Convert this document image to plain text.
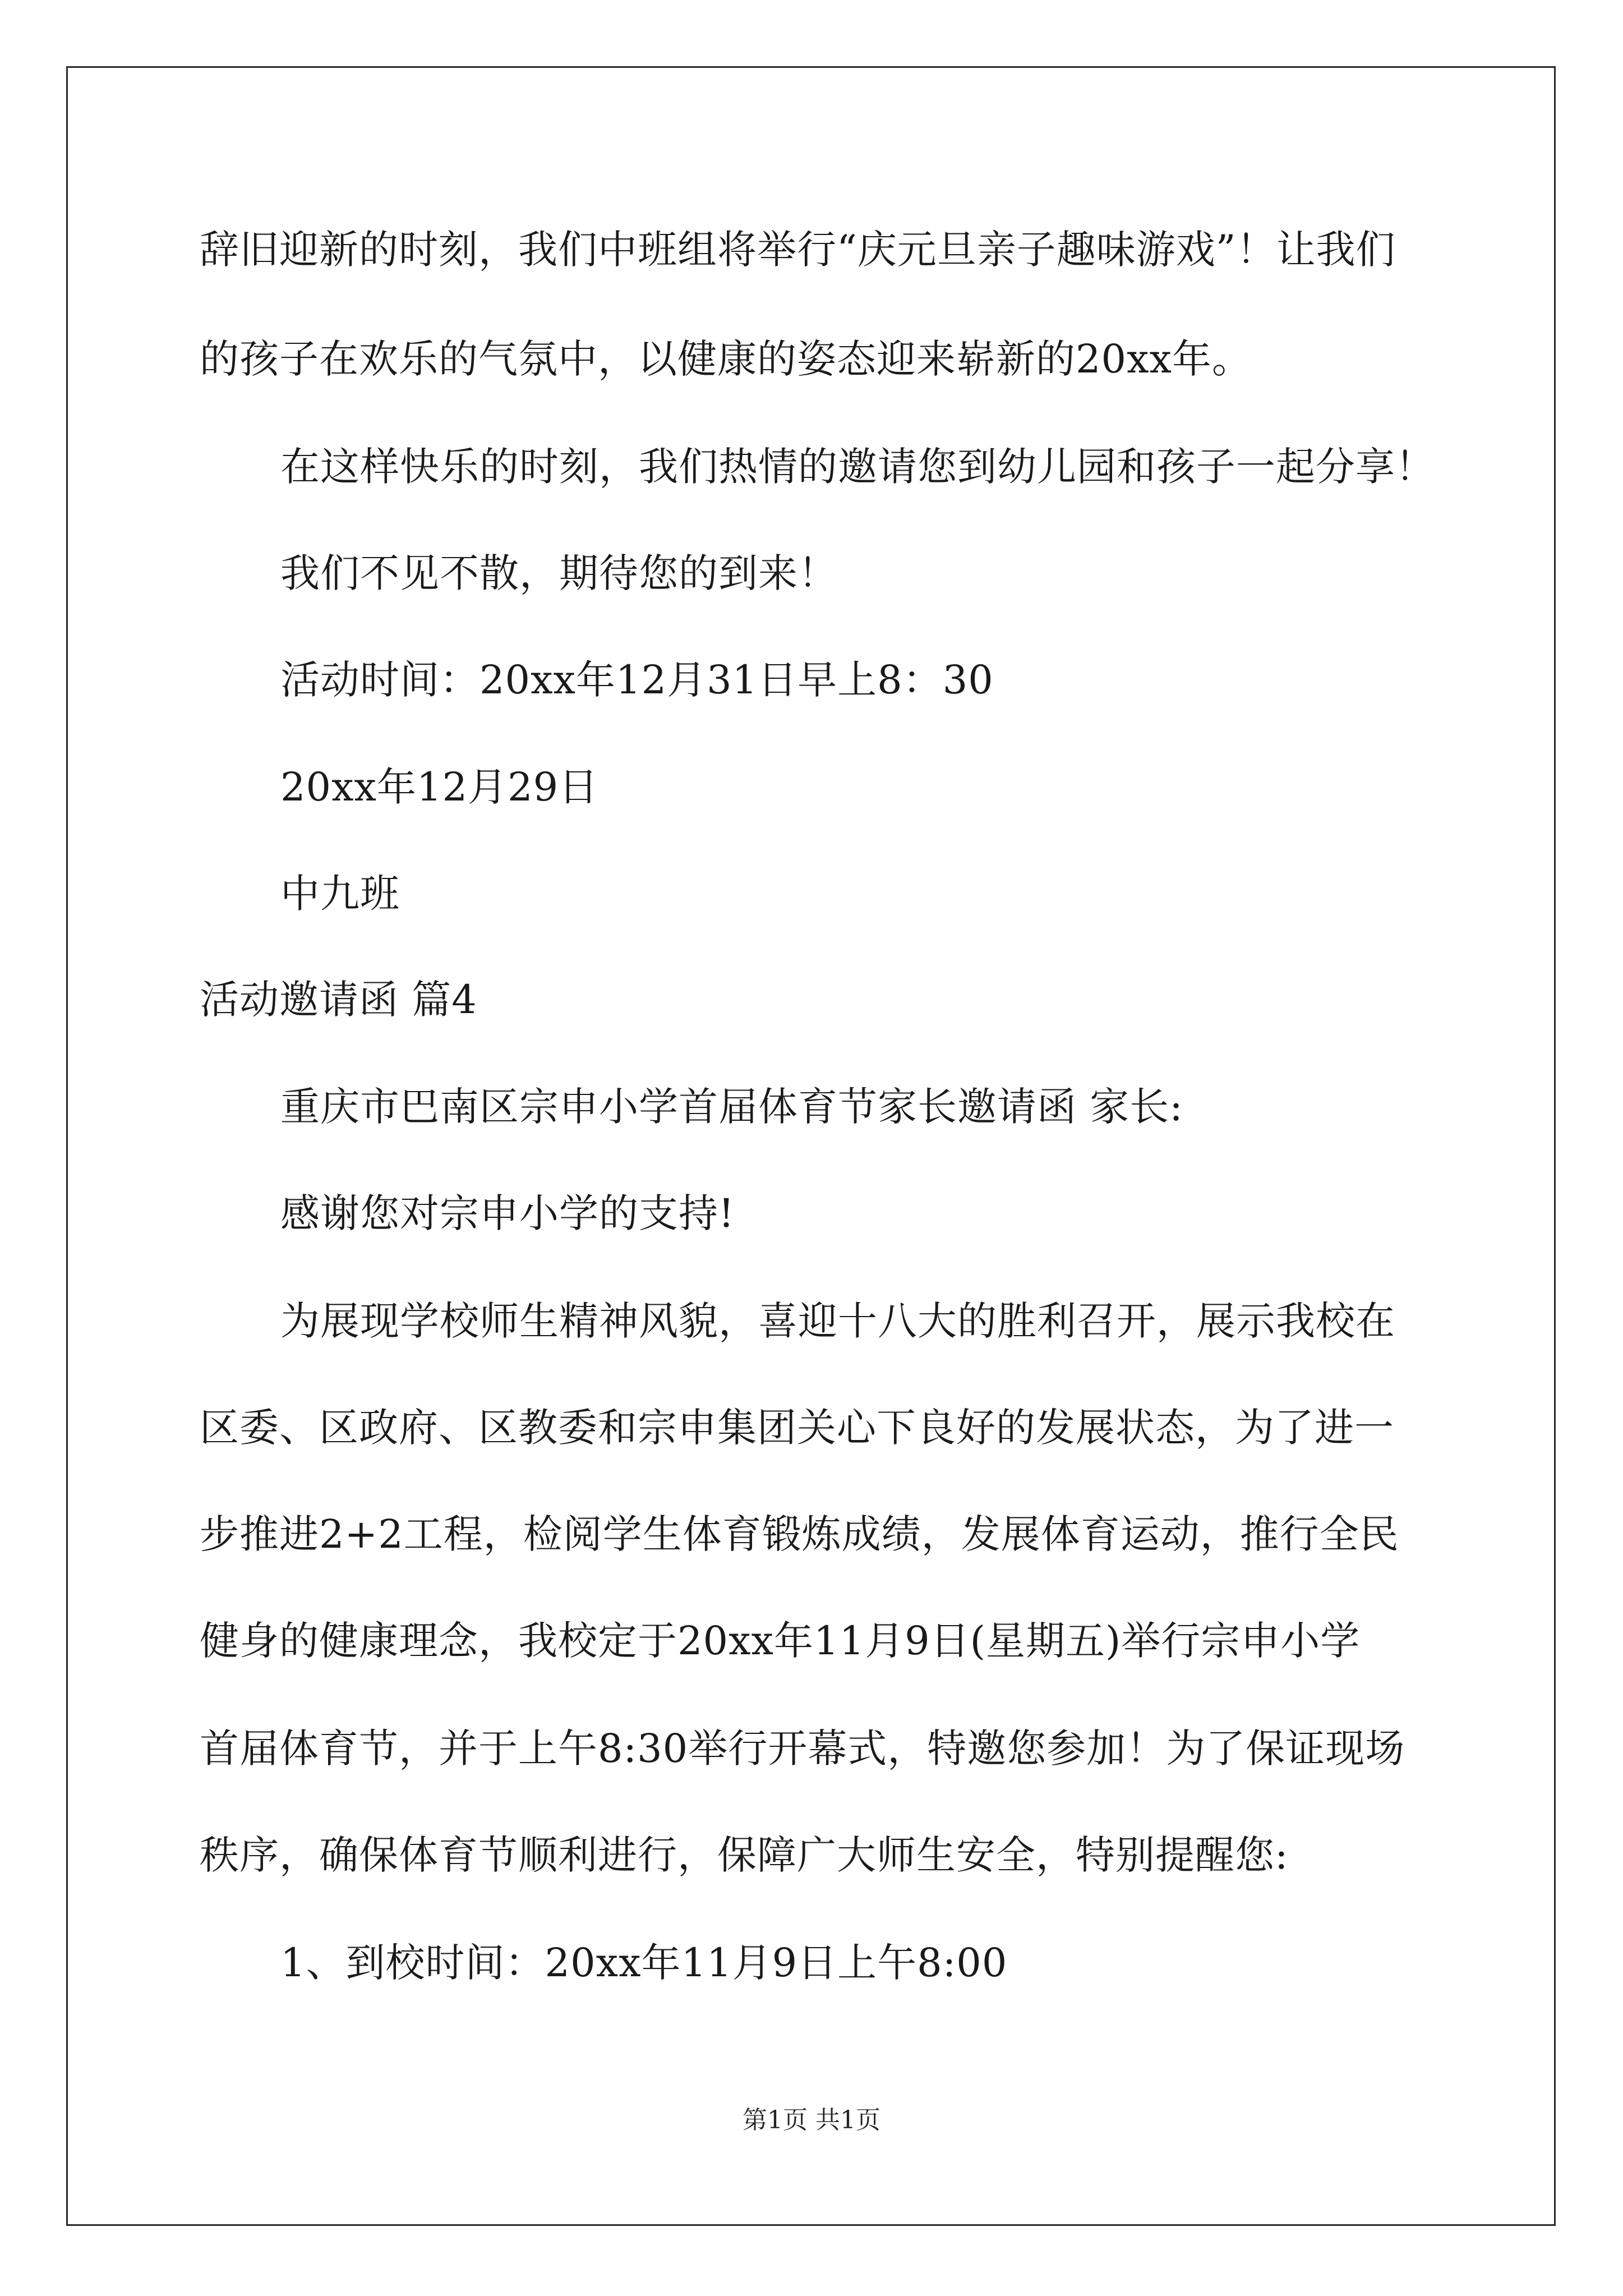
辞旧迎新的时刻，我们中班组将举行“庆元旦亲子趣味游戏”！让我们
的孩子在欢乐的气氛中，以健康的姿态迎来崭新的20xx年。
在这样快乐的时刻，我们热情的邀请您到幼儿园和孩子一起分享！
我们不见不散，期待您的到来！
活动时间：20xx年12月31日早上8：30
20xx年12月29日
中九班
活动邀请函 篇4
重庆市巴南区宗申小学首届体育节家长邀请函 家长:
感谢您对宗申小学的支持!
为展现学校师生精神风貌，喜迎十八大的胜利召开，展示我校在
区委、区政府、区教委和宗申集团关心下良好的发展状态，为了进一
步推进2+2工程，检阅学生体育锻炼成绩，发展体育运动，推行全民
健身的健康理念，我校定于20xx年11月9日(星期五)举行宗申小学
首届体育节，并于上午8:30举行开幕式，特邀您参加！为了保证现场
秩序，确保体育节顺利进行，保障广大师生安全，特别提醒您:
1、到校时间：20xx年11月9日上午8:00
第1页 共1页
